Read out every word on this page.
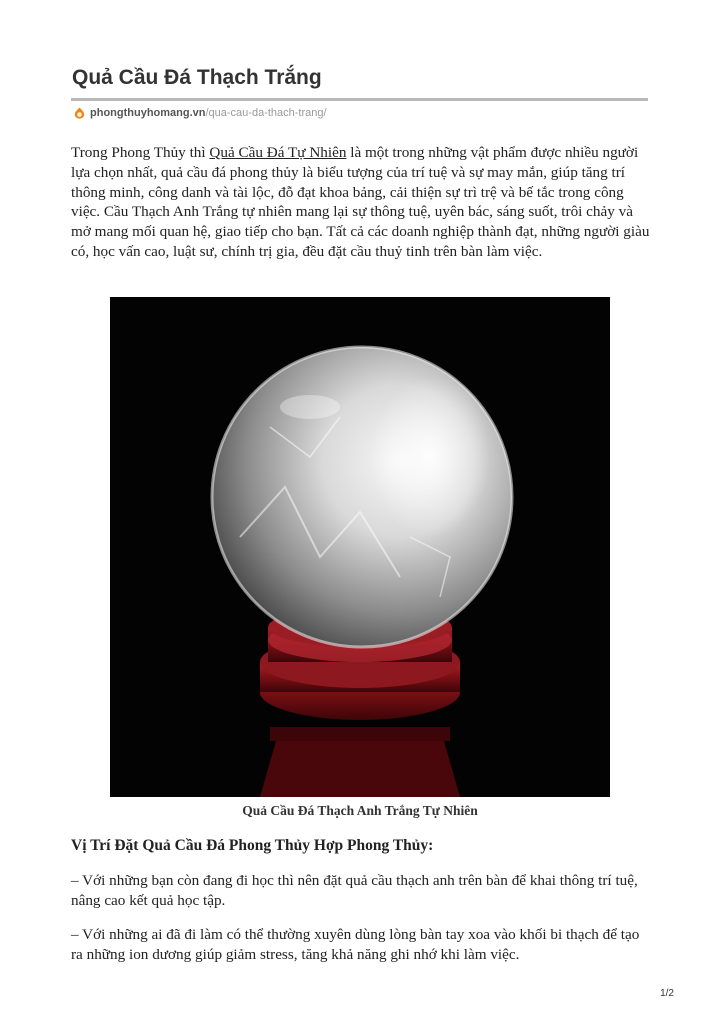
Quả Cầu Đá Thạch Trắng
phongthuyhomang.vn /qua-cau-da-thach-trang/

Trong Phong Thủy thì Quả Cầu Đá Tự Nhiên là một trong những vật phẩm được nhiều người lựa chọn nhất, quả cầu đá phong thủy là biểu tượng của trí tuệ và sự may mắn, giúp tăng trí thông minh, công danh và tài lộc, đỗ đạt khoa bảng, cải thiện sự trì trệ và bế tắc trong công việc. Cầu Thạch Anh Trắng tự nhiên mang lại sự thông tuệ, uyên bác, sáng suốt, trôi chảy và mở mang mối quan hệ, giao tiếp cho bạn. Tất cả các doanh nghiệp thành đạt, những người giàu có, học vấn cao, luật sư, chính trị gia, đều đặt cầu thuỷ tinh trên bàn làm việc.

Quả Cầu Đá Thạch Anh Trắng Tự Nhiên
Vị Trí Đặt Quả Cầu Đá Phong Thủy Hợp Phong Thủy:

– Với những bạn còn đang đi học thì nên đặt quả cầu thạch anh trên bàn để khai thông trí tuệ, nâng cao kết quả học tập.

– Với những ai đã đi làm có thể thường xuyên dùng lòng bàn tay xoa vào khối bi thạch để tạo ra những ion dương giúp giảm stress, tăng khả năng ghi nhớ khi làm việc.

1/2
